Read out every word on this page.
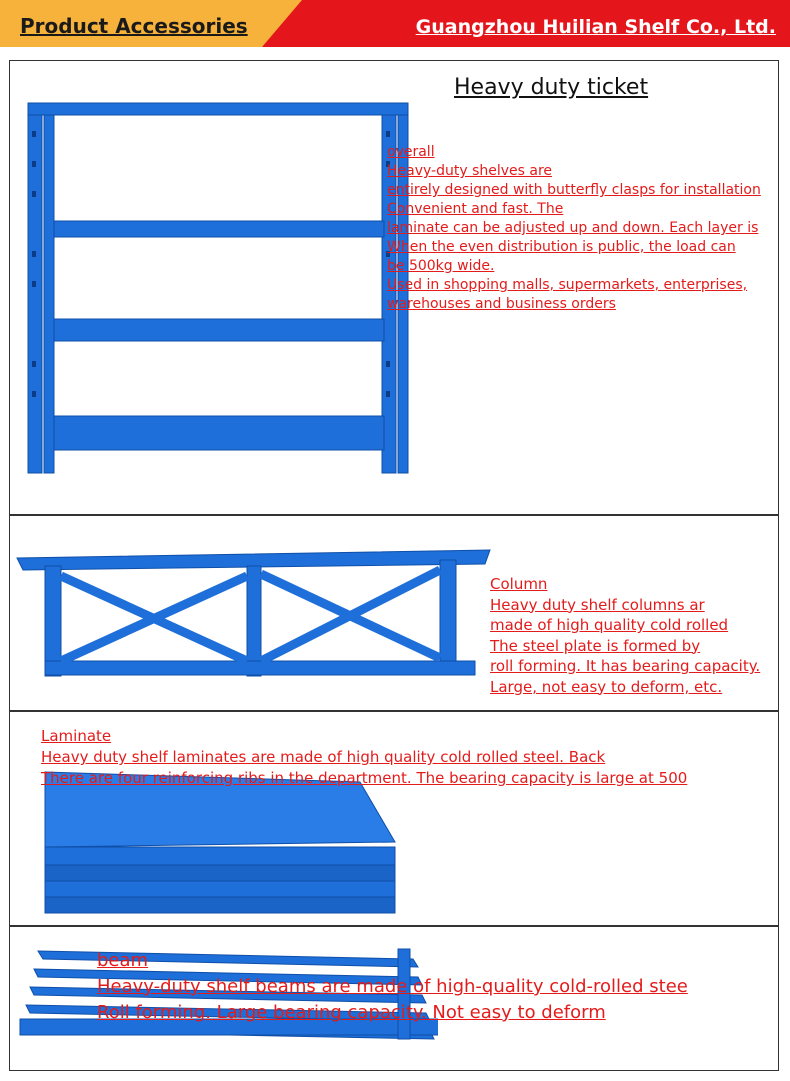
Product Accessories	Guangzhou Huilian Shelf Co., Ltd.
Heavy duty ticket
overall
Heavy-duty shelves are
entirely designed with butterfly clasps for installation
Convenient and fast. The
laminate can be adjusted up and down. Each layer is
When the even distribution is public, the load can
be 500kg wide.
Used in shopping malls, supermarkets, enterprises,
warehouses and business orders
Column
Heavy duty shelf columns ar
made of high quality cold rolled
The steel plate is formed by
roll forming. It has bearing capacity.
Large, not easy to deform, etc.
Laminate
Heavy duty shelf laminates are made of high quality cold rolled steel. Back
There are four reinforcing ribs in the department. The bearing capacity is large at 500
beam
Heavy-duty shelf beams are made of high-quality cold-rolled stee
Roll forming. Large bearing capacity. Not easy to deform
